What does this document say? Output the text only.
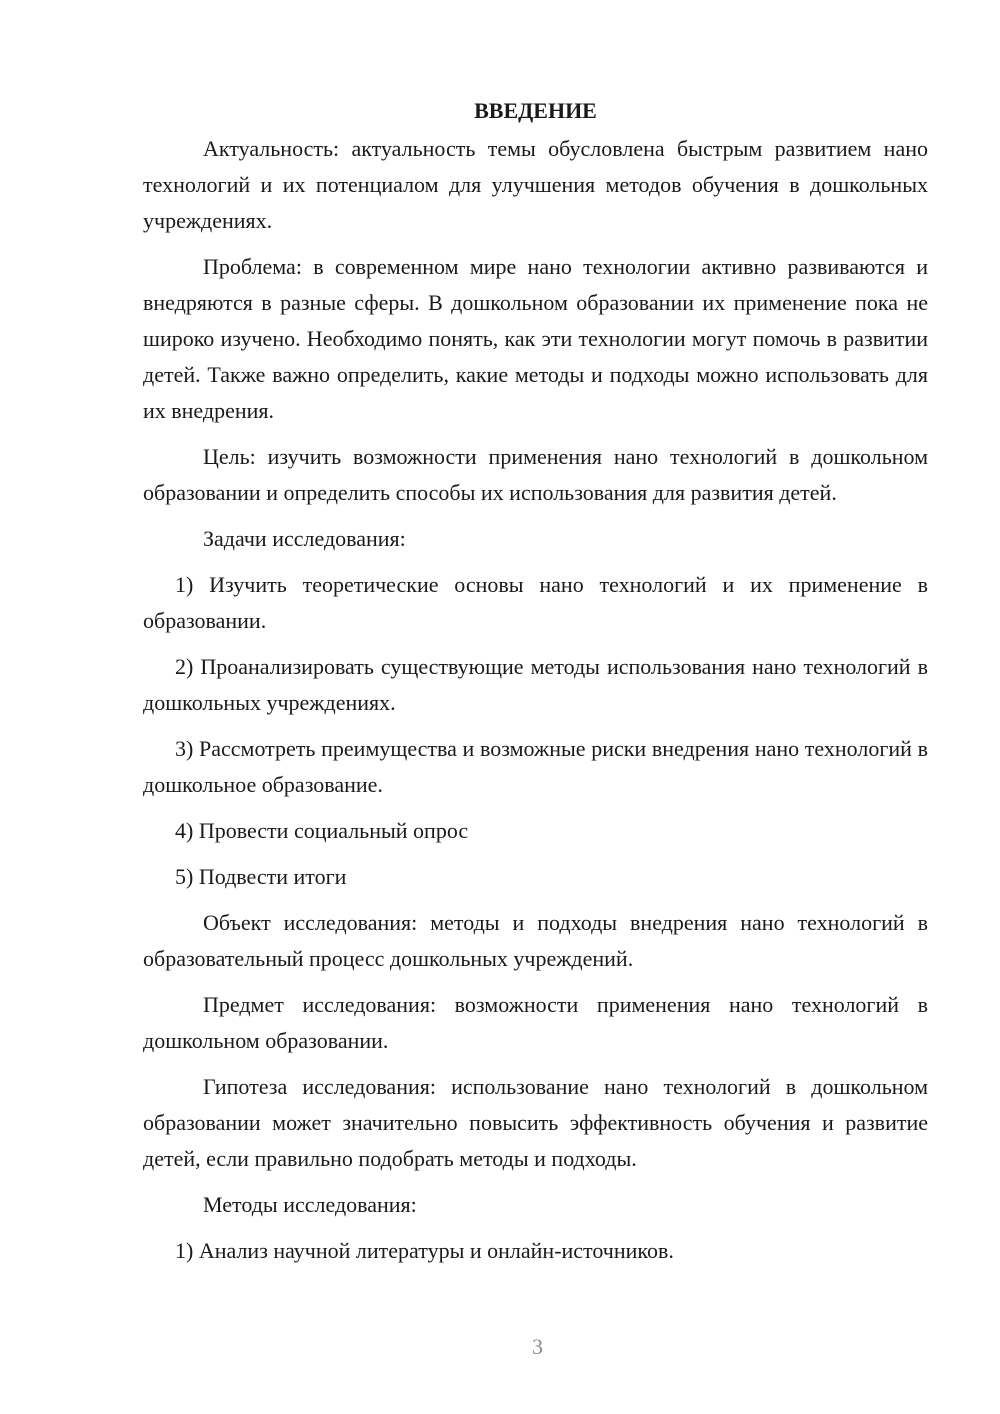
ВВЕДЕНИЕ

Актуальность: актуальность темы обусловлена быстрым развитием нано технологий и их потенциалом для улучшения методов обучения в дошкольных учреждениях.

Проблема: в современном мире нано технологии активно развиваются и внедряются в разные сферы. В дошкольном образовании их применение пока не широко изучено. Необходимо понять, как эти технологии могут помочь в развитии детей. Также важно определить, какие методы и подходы можно использовать для их внедрения.

Цель: изучить возможности применения нано технологий в дошкольном образовании и определить способы их использования для развития детей.

Задачи исследования:

1) Изучить теоретические основы нано технологий и их применение в образовании.

2) Проанализировать существующие методы использования нано технологий в дошкольных учреждениях.

3) Рассмотреть преимущества и возможные риски внедрения нано технологий в дошкольное образование.

4) Провести социальный опрос

5) Подвести итоги

Объект исследования: методы и подходы внедрения нано технологий в образовательный процесс дошкольных учреждений.

Предмет исследования: возможности применения нано технологий в дошкольном образовании.

Гипотеза исследования: использование нано технологий в дошкольном образовании может значительно повысить эффективность обучения и развитие детей, если правильно подобрать методы и подходы.

Методы исследования:

1) Анализ научной литературы и онлайн-источников.

3
